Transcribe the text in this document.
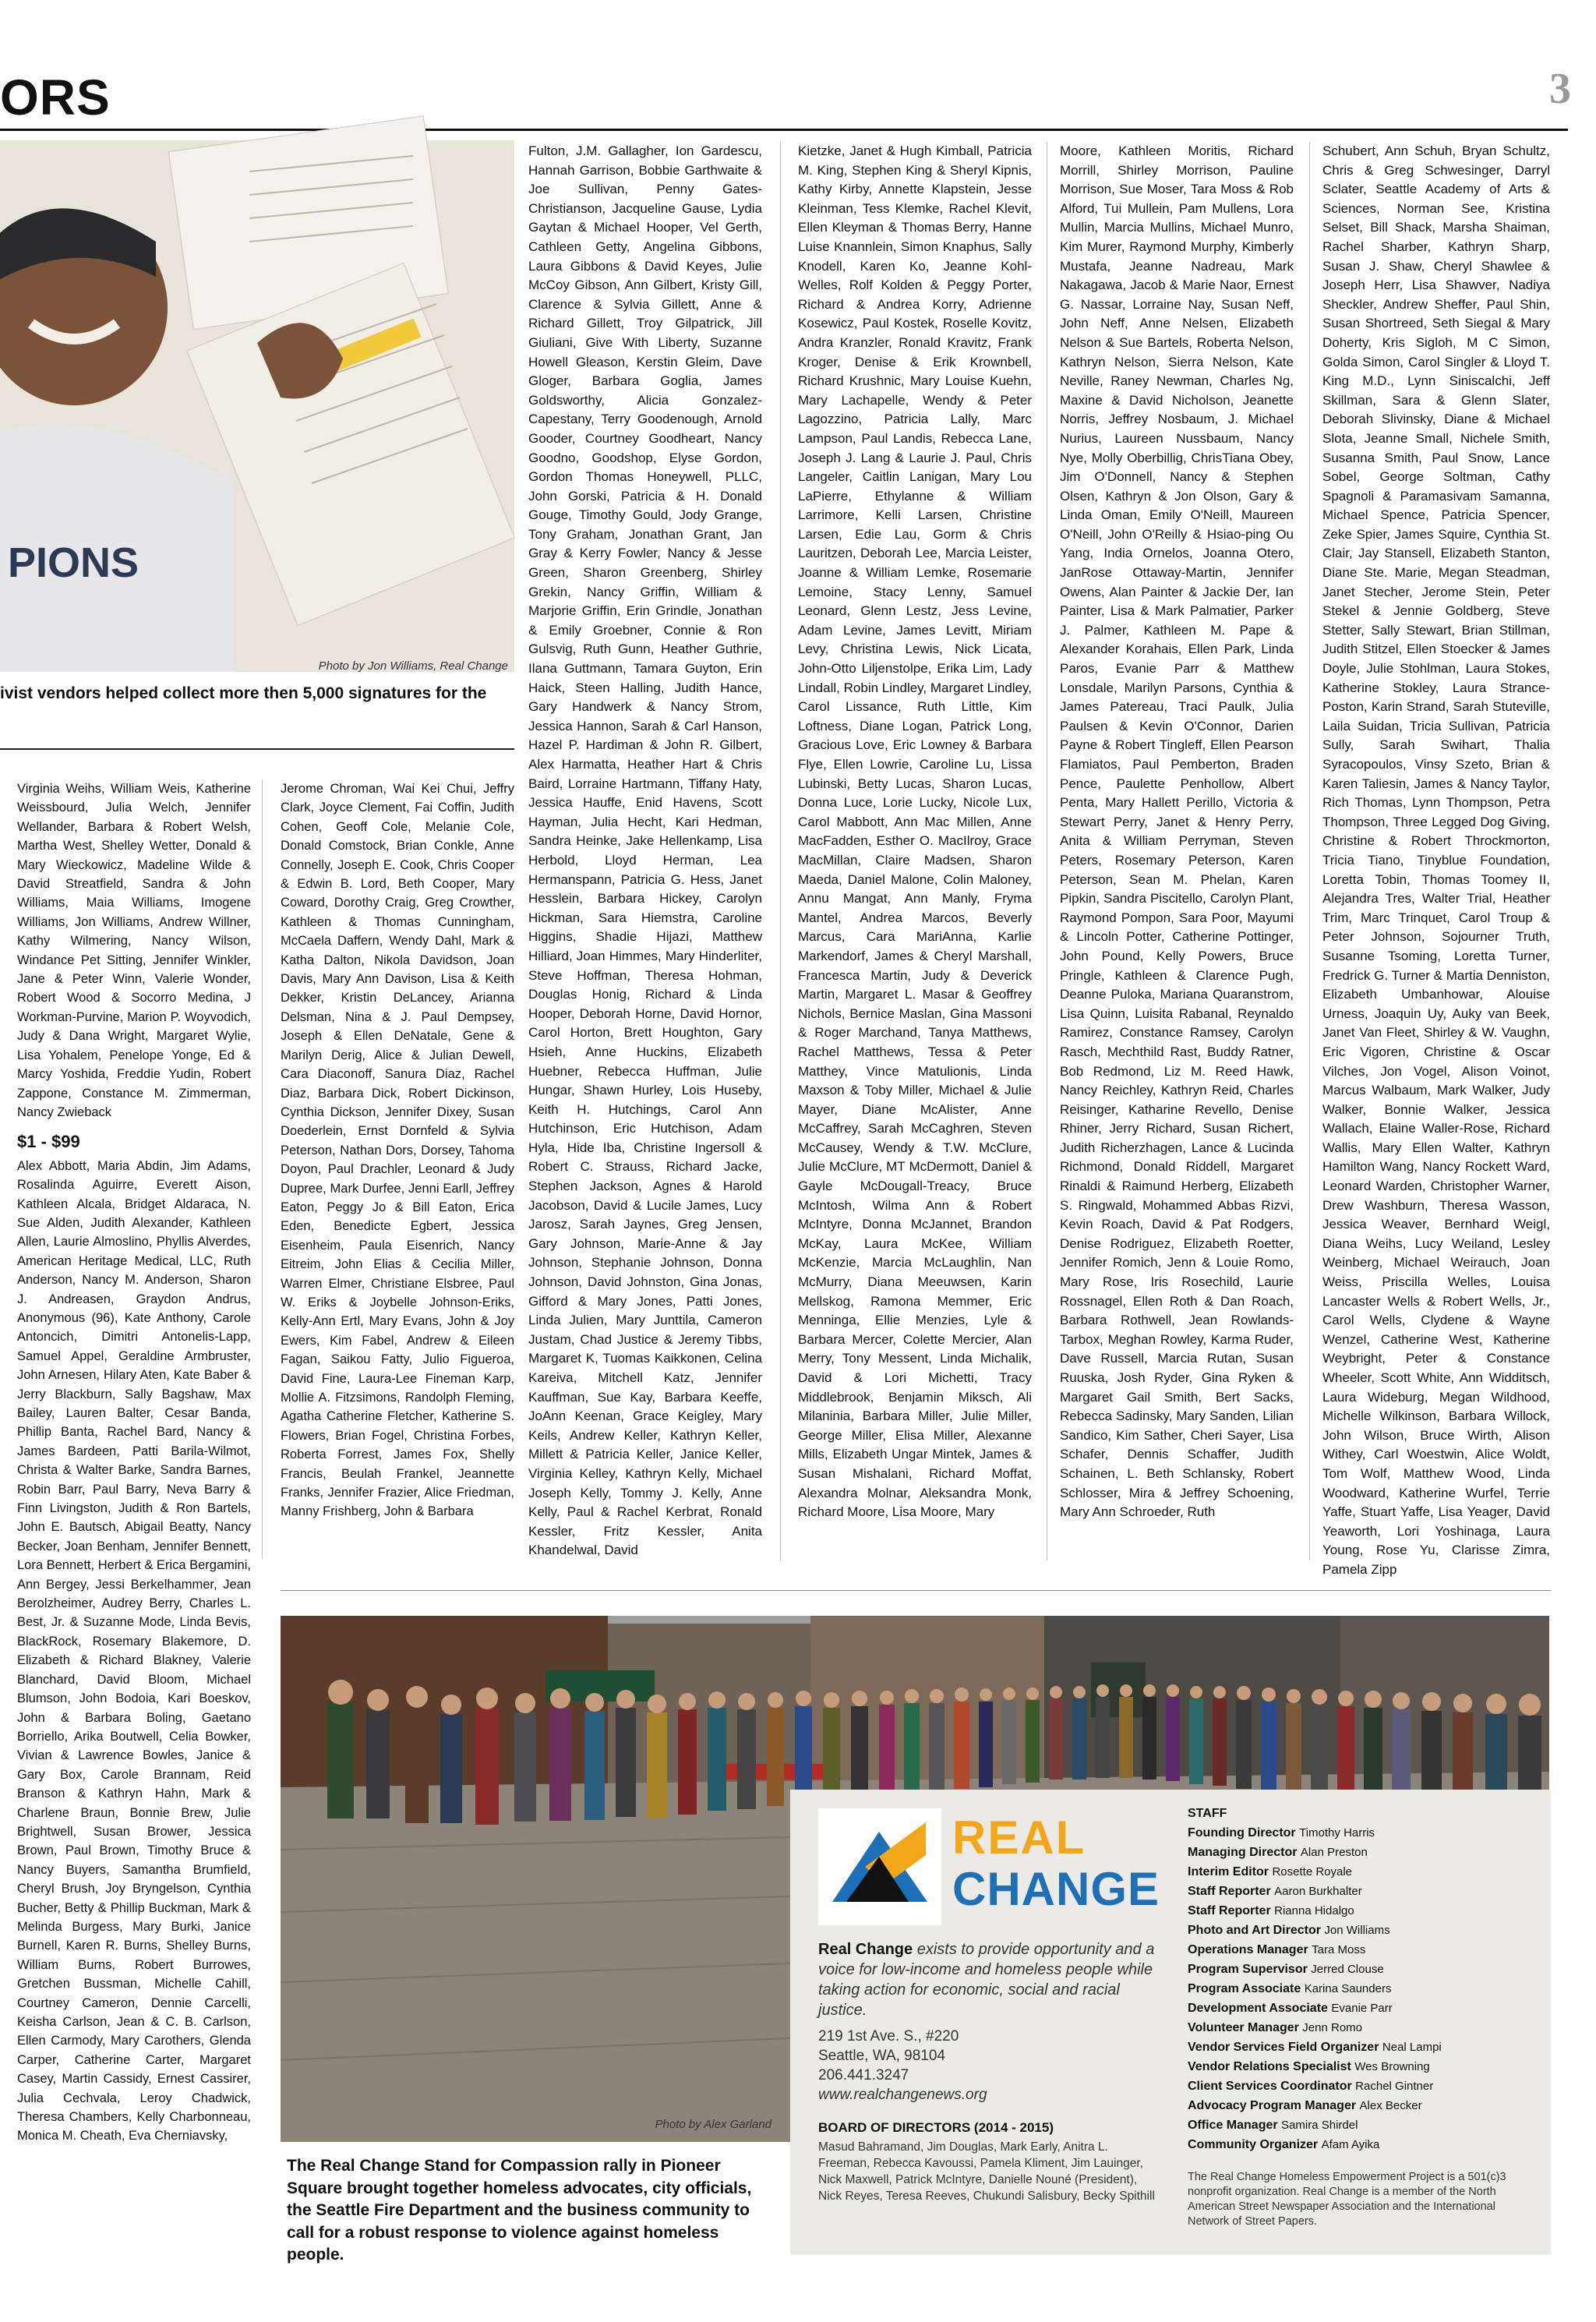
ORS	3
PIONS
Photo by Jon Williams, Real Change
ivist vendors helped collect more then 5,000 signatures for the
Fulton, J.M. Gallagher, Ion Gardescu, Hannah Garrison, Bobbie Garthwaite & Joe Sullivan, Penny Gates-Christianson, Jacqueline Gause, Lydia Gaytan & Michael Hooper, Vel Gerth, Cathleen Getty, Angelina Gibbons, Laura Gibbons & David Keyes, Julie McCoy Gibson, Ann Gilbert, Kristy Gill, Clarence & Sylvia Gillett, Anne & Richard Gillett, Troy Gilpatrick, Jill Giuliani, Give With Liberty, Suzanne Howell Gleason, Kerstin Gleim, Dave Gloger, Barbara Goglia, James Goldsworthy, Alicia Gonzalez-Capestany, Terry Goodenough, Arnold Gooder, Courtney Goodheart, Nancy Goodno, Goodshop, Elyse Gordon, Gordon Thomas Honeywell, PLLC, John Gorski, Patricia & H. Donald Gouge, Timothy Gould, Jody Grange, Tony Graham, Jonathan Grant, Jan Gray & Kerry Fowler, Nancy & Jesse Green, Sharon Greenberg, Shirley Grekin, Nancy Griffin, William & Marjorie Griffin, Erin Grindle, Jonathan & Emily Groebner, Connie & Ron Gulsvig, Ruth Gunn, Heather Guthrie, Ilana Guttmann, Tamara Guyton, Erin Haick, Steen Halling, Judith Hance, Gary Handwerk & Nancy Strom, Jessica Hannon, Sarah & Carl Hanson, Hazel P. Hardiman & John R. Gilbert, Alex Harmatta, Heather Hart & Chris Baird, Lorraine Hartmann, Tiffany Haty, Jessica Hauffe, Enid Havens, Scott Hayman, Julia Hecht, Kari Hedman, Sandra Heinke, Jake Hellenkamp, Lisa Herbold, Lloyd Herman, Lea Hermanspann, Patricia G. Hess, Janet Hesslein, Barbara Hickey, Carolyn Hickman, Sara Hiemstra, Caroline Higgins, Shadie Hijazi, Matthew Hilliard, Joan Himmes, Mary Hinderliter, Steve Hoffman, Theresa Hohman, Douglas Honig, Richard & Linda Hooper, Deborah Horne, David Hornor, Carol Horton, Brett Houghton, Gary Hsieh, Anne Huckins, Elizabeth Huebner, Rebecca Huffman, Julie Hungar, Shawn Hurley, Lois Huseby, Keith H. Hutchings, Carol Ann Hutchinson, Eric Hutchison, Adam Hyla, Hide Iba, Christine Ingersoll & Robert C. Strauss, Richard Jacke, Stephen Jackson, Agnes & Harold Jacobson, David & Lucile James, Lucy Jarosz, Sarah Jaynes, Greg Jensen, Gary Johnson, Marie-Anne & Jay Johnson, Stephanie Johnson, Donna Johnson, David Johnston, Gina Jonas, Gifford & Mary Jones, Patti Jones, Linda Julien, Mary Junttila, Cameron Justam, Chad Justice & Jeremy Tibbs, Margaret K, Tuomas Kaikkonen, Celina Kareiva, Mitchell Katz, Jennifer Kauffman, Sue Kay, Barbara Keeffe, JoAnn Keenan, Grace Keigley, Mary Keils, Andrew Keller, Kathryn Keller, Millett & Patricia Keller, Janice Keller, Virginia Kelley, Kathryn Kelly, Michael Joseph Kelly, Tommy J. Kelly, Anne Kelly, Paul & Rachel Kerbrat, Ronald Kessler, Fritz Kessler, Anita Khandelwal, David
Kietzke, Janet & Hugh Kimball, Patricia M. King, Stephen King & Sheryl Kipnis, Kathy Kirby, Annette Klapstein, Jesse Kleinman, Tess Klemke, Rachel Klevit, Ellen Kleyman & Thomas Berry, Hanne Luise Knannlein, Simon Knaphus, Sally Knodell, Karen Ko, Jeanne Kohl-Welles, Rolf Kolden & Peggy Porter, Richard & Andrea Korry, Adrienne Kosewicz, Paul Kostek, Roselle Kovitz, Andra Kranzler, Ronald Kravitz, Frank Kroger, Denise & Erik Krownbell, Richard Krushnic, Mary Louise Kuehn, Mary Lachapelle, Wendy & Peter Lagozzino, Patricia Lally, Marc Lampson, Paul Landis, Rebecca Lane, Joseph J. Lang & Laurie J. Paul, Chris Langeler, Caitlin Lanigan, Mary Lou LaPierre, Ethylanne & William Larrimore, Kelli Larsen, Christine Larsen, Edie Lau, Gorm & Chris Lauritzen, Deborah Lee, Marcia Leister, Joanne & William Lemke, Rosemarie Lemoine, Stacy Lenny, Samuel Leonard, Glenn Lestz, Jess Levine, Adam Levine, James Levitt, Miriam Levy, Christina Lewis, Nick Licata, John-Otto Liljenstolpe, Erika Lim, Lady Lindall, Robin Lindley, Margaret Lindley, Carol Lissance, Ruth Little, Kim Loftness, Diane Logan, Patrick Long, Gracious Love, Eric Lowney & Barbara Flye, Ellen Lowrie, Caroline Lu, Lissa Lubinski, Betty Lucas, Sharon Lucas, Donna Luce, Lorie Lucky, Nicole Lux, Carol Mabbott, Ann Mac Millen, Anne MacFadden, Esther O. MacIlroy, Grace MacMillan, Claire Madsen, Sharon Maeda, Daniel Malone, Colin Maloney, Annu Mangat, Ann Manly, Fryma Mantel, Andrea Marcos, Beverly Marcus, Cara MariAnna, Karlie Markendorf, James & Cheryl Marshall, Francesca Martin, Judy & Deverick Martin, Margaret L. Masar & Geoffrey Nichols, Bernice Maslan, Gina Massoni & Roger Marchand, Tanya Matthews, Rachel Matthews, Tessa & Peter Matthey, Vince Matulionis, Linda Maxson & Toby Miller, Michael & Julie Mayer, Diane McAlister, Anne McCaffrey, Sarah McCaghren, Steven McCausey, Wendy & T.W. McClure, Julie McClure, MT McDermott, Daniel & Gayle McDougall-Treacy, Bruce McIntosh, Wilma Ann & Robert McIntyre, Donna McJannet, Brandon McKay, Laura McKee, William McKenzie, Marcia McLaughlin, Nan McMurry, Diana Meeuwsen, Karin Mellskog, Ramona Memmer, Eric Menninga, Ellie Menzies, Lyle & Barbara Mercer, Colette Mercier, Alan Merry, Tony Messent, Linda Michalik, David & Lori Michetti, Tracy Middlebrook, Benjamin Miksch, Ali Milaninia, Barbara Miller, Julie Miller, George Miller, Elisa Miller, Alexanne Mills, Elizabeth Ungar Mintek, James & Susan Mishalani, Richard Moffat, Alexandra Molnar, Aleksandra Monk, Richard Moore, Lisa Moore, Mary
Moore, Kathleen Moritis, Richard Morrill, Shirley Morrison, Pauline Morrison, Sue Moser, Tara Moss & Rob Alford, Tui Mullein, Pam Mullens, Lora Mullin, Marcia Mullins, Michael Munro, Kim Murer, Raymond Murphy, Kimberly Mustafa, Jeanne Nadreau, Mark Nakagawa, Jacob & Marie Naor, Ernest G. Nassar, Lorraine Nay, Susan Neff, John Neff, Anne Nelsen, Elizabeth Nelson & Sue Bartels, Roberta Nelson, Kathryn Nelson, Sierra Nelson, Kate Neville, Raney Newman, Charles Ng, Maxine & David Nicholson, Jeanette Norris, Jeffrey Nosbaum, J. Michael Nurius, Laureen Nussbaum, Nancy Nye, Molly Oberbillig, ChrisTiana Obey, Jim O'Donnell, Nancy & Stephen Olsen, Kathryn & Jon Olson, Gary & Linda Oman, Emily O'Neill, Maureen O'Neill, John O'Reilly & Hsiao-ping Ou Yang, India Ornelos, Joanna Otero, JanRose Ottaway-Martin, Jennifer Owens, Alan Painter & Jackie Der, Ian Painter, Lisa & Mark Palmatier, Parker J. Palmer, Kathleen M. Pape & Alexander Korahais, Ellen Park, Linda Paros, Evanie Parr & Matthew Lonsdale, Marilyn Parsons, Cynthia & James Patereau, Traci Paulk, Julia Paulsen & Kevin O'Connor, Darien Payne & Robert Tingleff, Ellen Pearson Flamiatos, Paul Pemberton, Braden Pence, Paulette Penhollow, Albert Penta, Mary Hallett Perillo, Victoria & Stewart Perry, Janet & Henry Perry, Anita & William Perryman, Steven Peters, Rosemary Peterson, Karen Peterson, Sean M. Phelan, Karen Pipkin, Sandra Piscitello, Carolyn Plant, Raymond Pompon, Sara Poor, Mayumi & Lincoln Potter, Catherine Pottinger, John Pound, Kelly Powers, Bruce Pringle, Kathleen & Clarence Pugh, Deanne Puloka, Mariana Quaranstrom, Lisa Quinn, Luisita Rabanal, Reynaldo Ramirez, Constance Ramsey, Carolyn Rasch, Mechthild Rast, Buddy Ratner, Bob Redmond, Liz M. Reed Hawk, Nancy Reichley, Kathryn Reid, Charles Reisinger, Katharine Revello, Denise Rhiner, Jerry Richard, Susan Richert, Judith Richerzhagen, Lance & Lucinda Richmond, Donald Riddell, Margaret Rinaldi & Raimund Herberg, Elizabeth S. Ringwald, Mohammed Abbas Rizvi, Kevin Roach, David & Pat Rodgers, Denise Rodriguez, Elizabeth Roetter, Jennifer Romich, Jenn & Louie Romo, Mary Rose, Iris Rosechild, Laurie Rossnagel, Ellen Roth & Dan Roach, Barbara Rothwell, Jean Rowlands-Tarbox, Meghan Rowley, Karma Ruder, Dave Russell, Marcia Rutan, Susan Ruuska, Josh Ryder, Gina Ryken & Margaret Gail Smith, Bert Sacks, Rebecca Sadinsky, Mary Sanden, Lilian Sandico, Kim Sather, Cheri Sayer, Lisa Schafer, Dennis Schaffer, Judith Schainen, L. Beth Schlansky, Robert Schlosser, Mira & Jeffrey Schoening, Mary Ann Schroeder, Ruth
Schubert, Ann Schuh, Bryan Schultz, Chris & Greg Schwesinger, Darryl Sclater, Seattle Academy of Arts & Sciences, Norman See, Kristina Selset, Bill Shack, Marsha Shaiman, Rachel Sharber, Kathryn Sharp, Susan J. Shaw, Cheryl Shawlee & Joseph Herr, Lisa Shawver, Nadiya Sheckler, Andrew Sheffer, Paul Shin, Susan Shortreed, Seth Siegal & Mary Doherty, Kris Sigloh, M C Simon, Golda Simon, Carol Singler & Lloyd T. King M.D., Lynn Siniscalchi, Jeff Skillman, Sara & Glenn Slater, Deborah Slivinsky, Diane & Michael Slota, Jeanne Small, Nichele Smith, Susanna Smith, Paul Snow, Lance Sobel, George Soltman, Cathy Spagnoli & Paramasivam Samanna, Michael Spence, Patricia Spencer, Zeke Spier, James Squire, Cynthia St. Clair, Jay Stansell, Elizabeth Stanton, Diane Ste. Marie, Megan Steadman, Janet Stecher, Jerome Stein, Peter Stekel & Jennie Goldberg, Steve Stetter, Sally Stewart, Brian Stillman, Judith Stitzel, Ellen Stoecker & James Doyle, Julie Stohlman, Laura Stokes, Katherine Stokley, Laura Strance-Poston, Karin Strand, Sarah Stuteville, Laila Suidan, Tricia Sullivan, Patricia Sully, Sarah Swihart, Thalia Syracopoulos, Vinsy Szeto, Brian & Karen Taliesin, James & Nancy Taylor, Rich Thomas, Lynn Thompson, Petra Thompson, Three Legged Dog Giving, Christine & Robert Throckmorton, Tricia Tiano, Tinyblue Foundation, Loretta Tobin, Thomas Toomey II, Alejandra Tres, Walter Trial, Heather Trim, Marc Trinquet, Carol Troup & Peter Johnson, Sojourner Truth, Susanne Tsoming, Loretta Turner, Fredrick G. Turner & Martia Denniston, Elizabeth Umbanhowar, Alouise Urness, Joaquin Uy, Auky van Beek, Janet Van Fleet, Shirley & W. Vaughn, Eric Vigoren, Christine & Oscar Vilches, Jon Vogel, Alison Voinot, Marcus Walbaum, Mark Walker, Judy Walker, Bonnie Walker, Jessica Wallach, Elaine Waller-Rose, Richard Wallis, Mary Ellen Walter, Kathryn Hamilton Wang, Nancy Rockett Ward, Leonard Warden, Christopher Warner, Drew Washburn, Theresa Wasson, Jessica Weaver, Bernhard Weigl, Diana Weihs, Lucy Weiland, Lesley Weinberg, Michael Weirauch, Joan Weiss, Priscilla Welles, Louisa Lancaster Wells & Robert Wells, Jr., Carol Wells, Clydene & Wayne Wenzel, Catherine West, Katherine Weybright, Peter & Constance Wheeler, Scott White, Ann Widditsch, Laura Wideburg, Megan Wildhood, Michelle Wilkinson, Barbara Willock, John Wilson, Bruce Wirth, Alison Withey, Carl Woestwin, Alice Woldt, Tom Wolf, Matthew Wood, Linda Woodward, Katherine Wurfel, Terrie Yaffe, Stuart Yaffe, Lisa Yeager, David Yeaworth, Lori Yoshinaga, Laura Young, Rose Yu, Clarisse Zimra, Pamela Zipp
Virginia Weihs, William Weis, Katherine Weissbourd, Julia Welch, Jennifer Wellander, Barbara & Robert Welsh, Martha West, Shelley Wetter, Donald & Mary Wieckowicz, Madeline Wilde & David Streatfield, Sandra & John Williams, Maia Williams, Imogene Williams, Jon Williams, Andrew Willner, Kathy Wilmering, Nancy Wilson, Windance Pet Sitting, Jennifer Winkler, Jane & Peter Winn, Valerie Wonder, Robert Wood & Socorro Medina, J Workman-Purvine, Marion P. Woyvodich, Judy & Dana Wright, Margaret Wylie, Lisa Yohalem, Penelope Yonge, Ed & Marcy Yoshida, Freddie Yudin, Robert Zappone, Constance M. Zimmerman, Nancy Zwieback
$1 - $99
Alex Abbott, Maria Abdin, Jim Adams, Rosalinda Aguirre, Everett Aison, Kathleen Alcala, Bridget Aldaraca, N. Sue Alden, Judith Alexander, Kathleen Allen, Laurie Almoslino, Phyllis Alverdes, American Heritage Medical, LLC, Ruth Anderson, Nancy M. Anderson, Sharon J. Andreasen, Graydon Andrus, Anonymous (96), Kate Anthony, Carole Antoncich, Dimitri Antonelis-Lapp, Samuel Appel, Geraldine Armbruster, John Arnesen, Hilary Aten, Kate Baber & Jerry Blackburn, Sally Bagshaw, Max Bailey, Lauren Balter, Cesar Banda, Phillip Banta, Rachel Bard, Nancy & James Bardeen, Patti Barila-Wilmot, Christa & Walter Barke, Sandra Barnes, Robin Barr, Paul Barry, Neva Barry & Finn Livingston, Judith & Ron Bartels, John E. Bautsch, Abigail Beatty, Nancy Becker, Joan Benham, Jennifer Bennett, Lora Bennett, Herbert & Erica Bergamini, Ann Bergey, Jessi Berkelhammer, Jean Berolzheimer, Audrey Berry, Charles L. Best, Jr. & Suzanne Mode, Linda Bevis, BlackRock, Rosemary Blakemore, D. Elizabeth & Richard Blakney, Valerie Blanchard, David Bloom, Michael Blumson, John Bodoia, Kari Boeskov, John & Barbara Boling, Gaetano Borriello, Arika Boutwell, Celia Bowker, Vivian & Lawrence Bowles, Janice & Gary Box, Carole Brannam, Reid Branson & Kathryn Hahn, Mark & Charlene Braun, Bonnie Brew, Julie Brightwell, Susan Brower, Jessica Brown, Paul Brown, Timothy Bruce & Nancy Buyers, Samantha Brumfield, Cheryl Brush, Joy Bryngelson, Cynthia Bucher, Betty & Phillip Buckman, Mark & Melinda Burgess, Mary Burki, Janice Burnell, Karen R. Burns, Shelley Burns, William Burns, Robert Burrowes, Gretchen Bussman, Michelle Cahill, Courtney Cameron, Dennie Carcelli, Keisha Carlson, Jean & C. B. Carlson, Ellen Carmody, Mary Carothers, Glenda Carper, Catherine Carter, Margaret Casey, Martin Cassidy, Ernest Cassirer, Julia Cechvala, Leroy Chadwick, Theresa Chambers, Kelly Charbonneau, Monica M. Cheath, Eva Cherniavsky,
Jerome Chroman, Wai Kei Chui, Jeffry Clark, Joyce Clement, Fai Coffin, Judith Cohen, Geoff Cole, Melanie Cole, Donald Comstock, Brian Conkle, Anne Connelly, Joseph E. Cook, Chris Cooper & Edwin B. Lord, Beth Cooper, Mary Coward, Dorothy Craig, Greg Crowther, Kathleen & Thomas Cunningham, McCaela Daffern, Wendy Dahl, Mark & Katha Dalton, Nikola Davidson, Joan Davis, Mary Ann Davison, Lisa & Keith Dekker, Kristin DeLancey, Arianna Delsman, Nina & J. Paul Dempsey, Joseph & Ellen DeNatale, Gene & Marilyn Derig, Alice & Julian Dewell, Cara Diaconoff, Sanura Diaz, Rachel Diaz, Barbara Dick, Robert Dickinson, Cynthia Dickson, Jennifer Dixey, Susan Doederlein, Ernst Dornfeld & Sylvia Peterson, Nathan Dors, Dorsey, Tahoma Doyon, Paul Drachler, Leonard & Judy Dupree, Mark Durfee, Jenni Earll, Jeffrey Eaton, Peggy Jo & Bill Eaton, Erica Eden, Benedicte Egbert, Jessica Eisenheim, Paula Eisenrich, Nancy Eitreim, John Elias & Cecilia Miller, Warren Elmer, Christiane Elsbree, Paul W. Eriks & Joybelle Johnson-Eriks, Kelly-Ann Ertl, Mary Evans, John & Joy Ewers, Kim Fabel, Andrew & Eileen Fagan, Saikou Fatty, Julio Figueroa, David Fine, Laura-Lee Fineman Karp, Mollie A. Fitzsimons, Randolph Fleming, Agatha Catherine Fletcher, Katherine S. Flowers, Brian Fogel, Christina Forbes, Roberta Forrest, James Fox, Shelly Francis, Beulah Frankel, Jeannette Franks, Jennifer Frazier, Alice Friedman, Manny Frishberg, John & Barbara
REAL
CHANGE
Real Change exists to provide opportunity and a voice for low-income and homeless people while taking action for economic, social and racial justice.
219 1st Ave. S., #220
Seattle, WA, 98104
206.441.3247
www.realchangenews.org
BOARD OF DIRECTORS (2014 - 2015)
Masud Bahramand, Jim Douglas, Mark Early, Anitra L. Freeman, Rebecca Kavoussi, Pamela Kliment, Jim Lauinger, Nick Maxwell, Patrick McIntyre, Danielle Nouné (President), Nick Reyes, Teresa Reeves, Chukundi Salisbury, Becky Spithill
STAFF
Founding Director Timothy Harris
Managing Director Alan Preston
Interim Editor Rosette Royale
Staff Reporter Aaron Burkhalter
Staff Reporter Rianna Hidalgo
Photo and Art Director Jon Williams
Operations Manager Tara Moss
Program Supervisor Jerred Clouse
Program Associate Karina Saunders
Development Associate Evanie Parr
Volunteer Manager Jenn Romo
Vendor Services Field Organizer Neal Lampi
Vendor Relations Specialist Wes Browning
Client Services Coordinator Rachel Gintner
Advocacy Program Manager Alex Becker
Office Manager Samira Shirdel
Community Organizer Afam Ayika
The Real Change Homeless Empowerment Project is a 501(c)3 nonprofit organization. Real Change is a member of the North American Street Newspaper Association and the International Network of Street Papers.
Photo by Alex Garland
The Real Change Stand for Compassion rally in Pioneer Square brought together homeless advocates, city officials, the Seattle Fire Department and the business community to call for a robust response to violence against homeless people.
